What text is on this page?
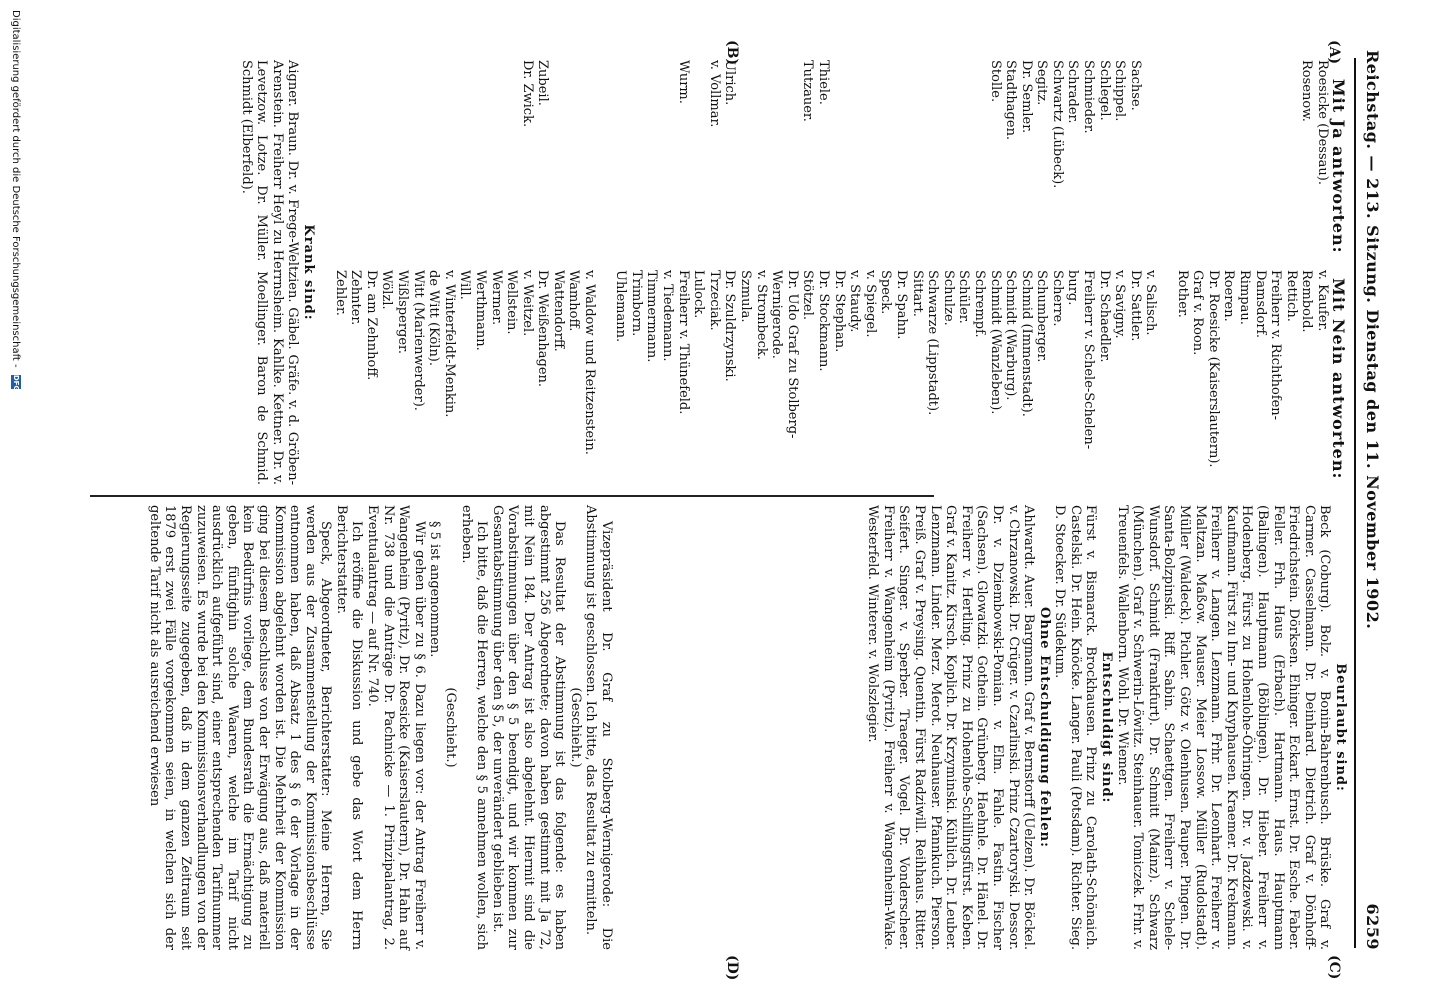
Reichstag. — 213. Sitzung. Dienstag den 11. November 1902.
6259
(A)
(B)
(C)
(D)
Mit Ja antworten:
Mit Nein antworten:
Roesicke (Dessau).
Rosenow.

Sachse.
Schippel.
Schlegel.
Schmieder.
Schrader.
Schwartz (Lübeck).
Segitz.
Dr. Semler.
Stadthagen.
Stolle.

Thiele.
Tutzauer.

Ulrich.
v. Vollmar.

Wurm.

Zubeil.
Dr. Zwick.
v. Kaufer.
Rembold.
Rettich.
Freiherr v. Richthofen-
Damsdorf.
Rimpau.
Roeren.
Dr. Roesicke (Kaiserslautern).
Graf v. Roon.
Rother.

v. Salisch.
Dr. Sattler.
v. Savigny.
Dr. Schaedler.
Freiherr v. Schele-Schelen-
burg.
Scherre.
Schumberger.
Schmid (Immenstadt).
Schmidt (Warburg).
Schmidt (Wanzleben).
Schrempf.
Schüler.
Schulze.
Schwarze (Lippstadt).
Sittart.
Dr. Spahn.
Speck.
v. Spiegel.
v. Staudy.
Dr. Stephan.
Dr. Stockmann.
Stötzel.
Dr. Udo Graf zu Stolberg-
Wernigerode.
v. Strombeck.
Szmula.
Dr. Szuldrzynski.
Trzeciak.
Lulock.
Freiherr v. Thünefeld.
v. Tiedemann.
Timmermann.
Trimborn.
Uhlemann.

v. Waldow und Reitzenstein.
Wamhoff.
Wattendorff.
Dr. Weißenhagen.
v. Weitzel.
Wellstein.
Wermer.
Werthmann.
Will.
v. Winterfeldt-Menkin.
de Witt (Köln).
Witt (Marienwerder).
Wißlsperger.
Wölzl.
Dr. am Zehnhoff.
Zehnter.
Zehler.
Krank sind:
Aigner. Braun. Dr. v. Frege-Weltzien. Gäbel. Gräfe. v. d. Gröben-Arenstein. Freiherr Heyl zu Herrnsheim. Kahlke. Kettner. Dr. v. Levetzow. Lotze. Dr. Müller. Moellinger. Baron de Schmid. Schmidt (Elberfeld).
Beurlaubt sind:
Beck (Coburg). Bolz. v. Bonin-Bahrenbusch. Brüske. Graf v. Carmer. Casselmann. Dr. Deinhard. Dietrich. Graf v. Dönhoff-Friedrichstein. Dörksen. Ehinger. Eckart. Ernst. Dr. Esche. Faber. Feller. Frh. Haus (Erbach). Hartmann. Haus. Hauptmann (Balingen). Hauptmann (Böblingen). Dr. Hieber. Freiherr v. Hodenberg. Fürst zu Hohenlohe-Öhringen. Dr. v. Jazdzewski. v. Kaufmann. Fürst zu Inn- und Knyphausen. Kraemer. Dr. Krekmann. Freiherr v. Langen. Lenzmann. Frhr. Dr. Leonhart. Freiherr v. Maltzan. Maßow. Mauser. Meier Lossow. Müller (Rudolstadt). Müller (Waldeck). Pichler. Götz v. Olenhusen. Pauper. Pingen. Dr. Santa-Bolzpinski. Riff. Sabin. Schaettgen. Freiherr v. Schele-Wunsdorf. Schmidt (Frankfurt). Dr. Schmitt (Mainz). Schwarz (München). Graf v. Schwerin-Löwitz. Steinhauer. Tomiczek. Frhr. v. Treuenfels. Wallenborn. Wohl. Dr. Wiemer.
Entschuldigt sind:
Fürst v. Bismarck. Brockhausen. Prinz zu Carolath-Schönaich. Castelski. Dr. Hein. Knöcke. Langer. Pauli (Potsdam). Richter. Sieg. D. Stoecker. Dr. Südekum.
Ohne Entschuldigung fehlen:
Ahlwardt. Auer. Bargmann. Graf v. Bernstorff (Uelzen). Dr. Böckel. v. Chrzanowski. Dr. Crüger. v. Czarlinski. Prinz Czartoryski. Dessor. Dr. v. Dziembowski-Pomian. v. Elm. Fahle. Fastin. Fischer (Sachsen). Glowatzki. Gothein. Grünberg. Haehnle. Dr. Hänel. Dr. Freiherr v. Hertling. Prinz zu Hohenlohe-Schillingsfürst. Keben. Graf v. Kanitz. Kirsch. Koplich. Dr. Krzyminski. Kühlich. Dr. Leuber. Lenzmann. Linder. Merz. Merot. Neuhauser. Pfannkuch. Pierson. Preiß. Graf v. Preysing. Quentin. Fürst Radziwill. Reihhaus. Ritter. Seifert. Singer. v. Sperber. Traeger. Vogel. Dr. Vonderscheer. Freiherr v. Wangenheim (Pyritz). Freiherr v. Wangenheim-Wake. Westerfeld. Winterer. v. Wolszlegier.
Vizepräsident Dr. Graf zu Stolberg-Wernigerode: Die Abstimmung ist geschlossen. Ich bitte, das Resultat zu ermitteln.
(Geschieht.)
Das Resultat der Abstimmung ist das folgende: es haben abgestimmt 256 Abgeordnete; davon haben gestimmt mit Ja 72, mit Nein 184. Der Antrag ist also abgelehnt. Hiermit sind die Vorabstimmungen über den § 5 beendigt, und wir kommen zur Gesamtabstimmung über den § 5, der unverändert geblieben ist.
Ich bitte, daß die Herren, welche den § 5 annehmen wollen, sich erheben.
(Geschieht.)
§ 5 ist angenommen.
Wir gehen über zu § 6. Dazu liegen vor: der Antrag Freiherr v. Wangenheim (Pyritz), Dr. Roesicke (Kaiserslautern), Dr. Hahn auf Nr. 738 und die Anträge Dr. Pachnicke — 1. Prinzipalantrag, 2. Eventualantrag — auf Nr. 740.
Ich eröffne die Diskussion und gebe das Wort dem Herrn Berichterstatter.
Speck, Abgeordneter, Berichterstatter: Meine Herren, Sie werden aus der Zusammenstellung der Kommissionsbeschlüsse entnommen haben, daß Absatz 1 des § 6 der Vorlage in der Kommission abgelehnt worden ist. Die Mehrheit der Kommission ging bei diesem Beschlusse von der Erwägung aus, daß materiell kein Bedürfnis vorliege, dem Bundesrath die Ermächtigung zu geben, fünftighin solche Waaren, welche im Tarif nicht ausdrücklich aufgeführt sind, einer entsprechenden Tarifnummer zuzuweisen. Es wurde bei den Kommissionsverhandlungen von der Regierungsseite zugegeben, daß in dem ganzen Zeitraum seit 1879 erst zwei Fälle vorgekommen seien, in welchen sich der geltende Tarif nicht als ausreichend erwiesen
Digitalisierung gefördert durch die Deutsche Forschungsgemeinschaft - DFG
